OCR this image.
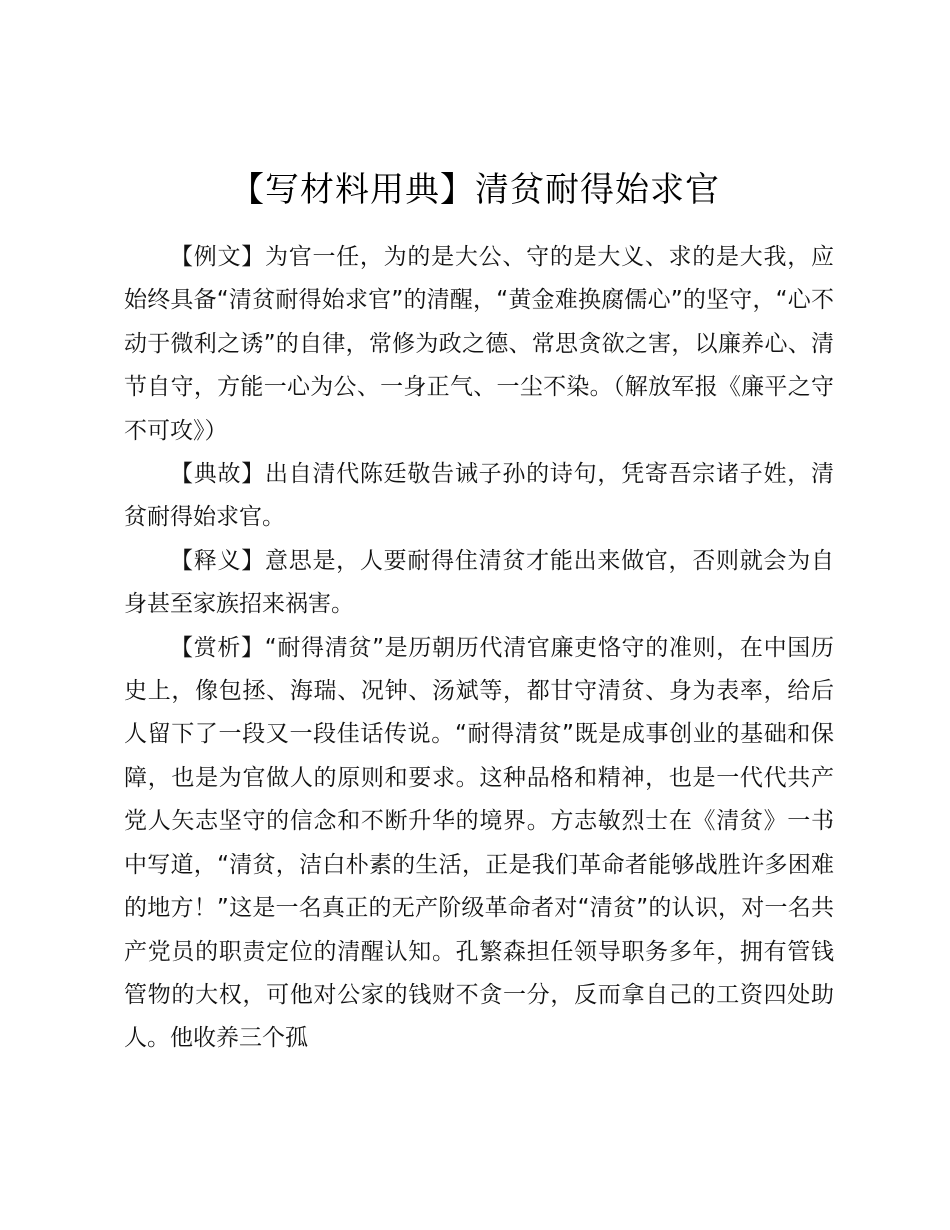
【写材料用典】清贫耐得始求官

【例文】为官一任，为的是大公、守的是大义、求的是大我，应始终具备“清贫耐得始求官”的清醒，“黄金难换腐儒心”的坚守，“心不动于微利之诱”的自律，常修为政之德、常思贪欲之害，以廉养心、清节自守，方能一心为公、一身正气、一尘不染。（解放军报《廉平之守不可攻》）

【典故】出自清代陈廷敬告诫子孙的诗句，凭寄吾宗诸子姓，清贫耐得始求官。

【释义】意思是，人要耐得住清贫才能出来做官，否则就会为自身甚至家族招来祸害。

【赏析】“耐得清贫”是历朝历代清官廉吏恪守的准则，在中国历史上，像包拯、海瑞、况钟、汤斌等，都甘守清贫、身为表率，给后人留下了一段又一段佳话传说。“耐得清贫”既是成事创业的基础和保障，也是为官做人的原则和要求。这种品格和精神，也是一代代共产党人矢志坚守的信念和不断升华的境界。方志敏烈士在《清贫》一书中写道，“清贫，洁白朴素的生活，正是我们革命者能够战胜许多困难的地方！”这是一名真正的无产阶级革命者对“清贫”的认识，对一名共产党员的职责定位的清醒认知。孔繁森担任领导职务多年，拥有管钱管物的大权，可他对公家的钱财不贪一分，反而拿自己的工资四处助人。他收养三个孤
